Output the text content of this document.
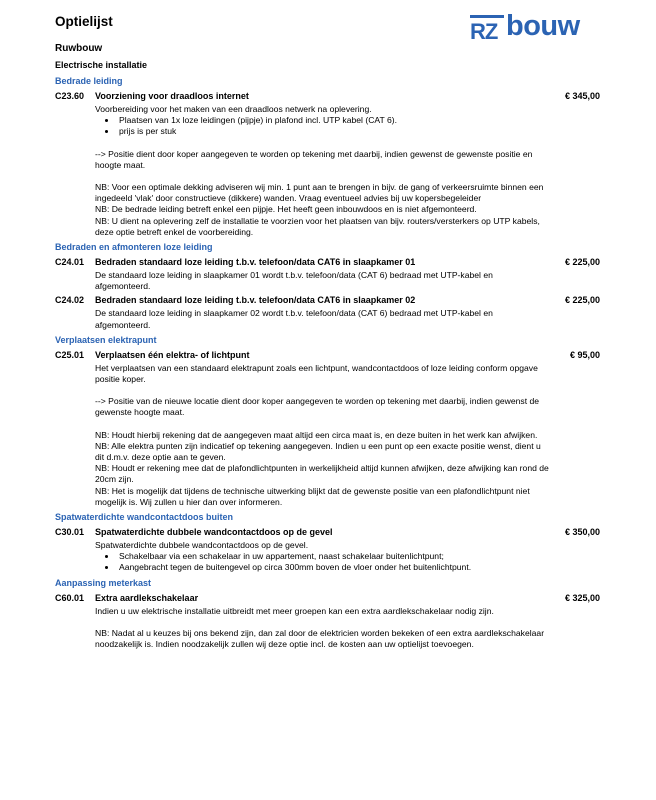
Optielijst	RZ bouw
Ruwbouw
Electrische installatie
Bedrade leiding
C23.60 Voorziening voor draadloos internet	€ 345,00

Voorbereiding voor het maken van een draadloos netwerk na oplevering.

• Plaatsen van 1x loze leidingen (pijpje) in plafond incl. UTP kabel (CAT 6).
• prijs is per stuk

--> Positie dient door koper aangegeven te worden op tekening met daarbij, indien gewenst de gewenste positie en hoogte maat.

NB: Voor een optimale dekking adviseren wij min. 1 punt aan te brengen in bijv. de gang of verkeersruimte binnen een ingedeeld 'vlak' door constructieve (dikkere) wanden. Vraag eventueel advies bij uw kopersbegeleider

NB: De bedrade leiding betreft enkel een pijpje. Het heeft geen inbouwdoos en is niet afgemonteerd.

NB: U dient na oplevering zelf de installatie te voorzien voor het plaatsen van bijv. routers/versterkers op UTP kabels, deze optie betreft enkel de voorbereiding.

Bedraden en afmonteren loze leiding
C24.01 Bedraden standaard loze leiding t.b.v. telefoon/data CAT6 in slaapkamer 01	€ 225,00

De standaard loze leiding in slaapkamer 01 wordt t.b.v. telefoon/data (CAT 6) bedraad met UTP-kabel en afgemonteerd.

C24.02 Bedraden standaard loze leiding t.b.v. telefoon/data CAT6 in slaapkamer 02	€ 225,00

De standaard loze leiding in slaapkamer 02 wordt t.b.v. telefoon/data (CAT 6) bedraad met UTP-kabel en afgemonteerd.

Verplaatsen elektrapunt
C25.01 Verplaatsen één elektra- of lichtpunt	€ 95,00

Het verplaatsen van een standaard elektrapunt zoals een lichtpunt, wandcontactdoos of loze leiding conform opgave positie koper.

--> Positie van de nieuwe locatie dient door koper aangegeven te worden op tekening met daarbij, indien gewenst de gewenste hoogte maat.

NB: Houdt hierbij rekening dat de aangegeven maat altijd een circa maat is, en deze buiten in het werk kan afwijken.

NB: Alle elektra punten zijn indicatief op tekening aangegeven. Indien u een punt op een exacte positie wenst, dient u dit d.m.v. deze optie aan te geven.

NB: Houdt er rekening mee dat de plafondlichtpunten in werkelijkheid altijd kunnen afwijken, deze afwijking kan rond de 20cm zijn.

NB: Het is mogelijk dat tijdens de technische uitwerking blijkt dat de gewenste positie van een plafondlichtpunt niet mogelijk is. Wij zullen u hier dan over informeren.

Spatwaterdichte wandcontactdoos buiten
C30.01 Spatwaterdichte dubbele wandcontactdoos op de gevel	€ 350,00

Spatwaterdichte dubbele wandcontactdoos op de gevel.

• Schakelbaar via een schakelaar in uw appartement, naast schakelaar buitenlichtpunt;
• Aangebracht tegen de buitengevel op circa 300mm boven de vloer onder het buitenlichtpunt.
Aanpassing meterkast
C60.01 Extra aardlekschakelaar	€ 325,00

Indien u uw elektrische installatie uitbreidt met meer groepen kan een extra aardlekschakelaar nodig zijn.

NB: Nadat al u keuzes bij ons bekend zijn, dan zal door de elektricien worden bekeken of een extra aardlekschakelaar noodzakelijk is. Indien noodzakelijk zullen wij deze optie incl. de kosten aan uw optielijst toevoegen.
